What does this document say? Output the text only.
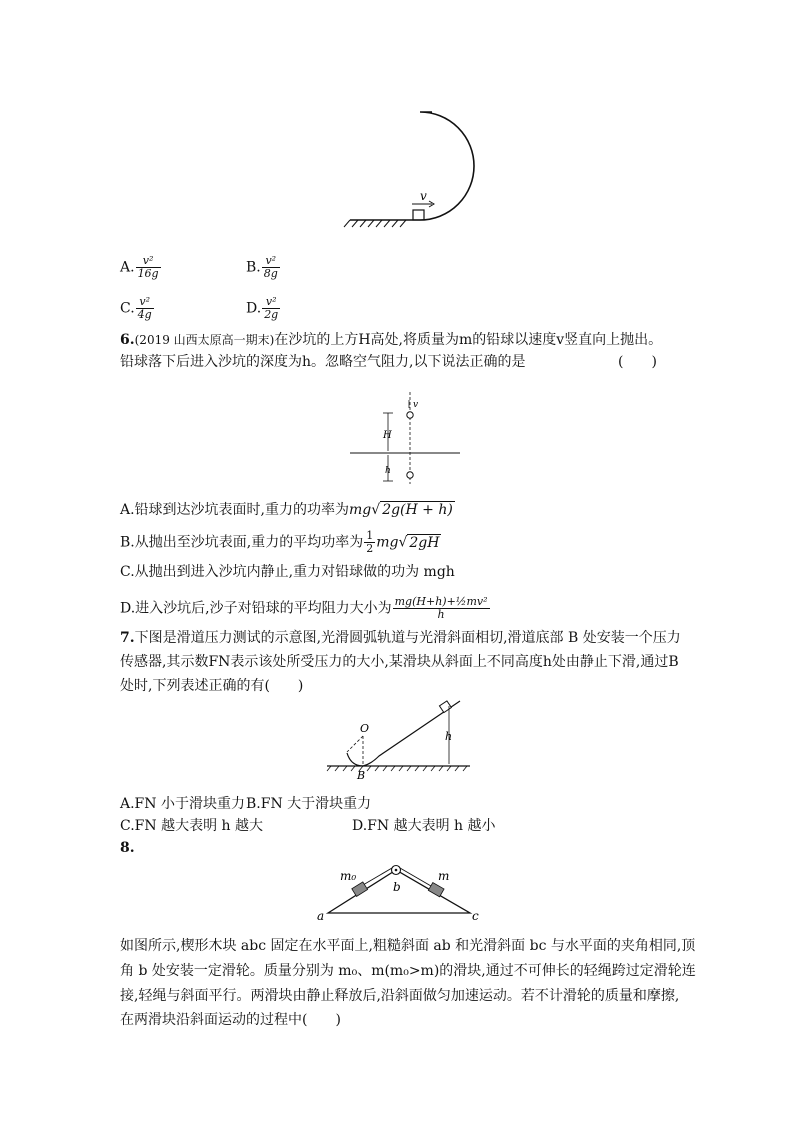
v
A. $\frac{\text{v²}}{16g}$	B. $\frac{\text{v²}}{8g}$
C. $\frac{\text{v²}}{4g}$	D. $\frac{\text{v²}}{2g}$
6.(2019 山西太原高一期末)在沙坑的上方H高处,将质量为m的铅球以速度v竖直向上抛出。
铅球落下后进入沙坑的深度为h。忽略空气阻力,以下说法正确的是	(　　)
v
H
h
A.铅球到达沙坑表面时,重力的功率为mg√ 2g(H + h)
B.从抛出至沙坑表面,重力的平均功率为 $\frac{1}{2} mg√$ 2gH
C.从抛出到进入沙坑内静止,重力对铅球做的功为 mgh
D.进入沙坑后,沙子对铅球的平均阻力大小为 $\frac{\text{mg(H+h)+½mv²}}{h}$
7.下图是滑道压力测试的示意图,光滑圆弧轨道与光滑斜面相切,滑道底部 B 处安装一个压力
传感器,其示数FN表示该处所受压力的大小,某滑块从斜面上不同高度h处由静止下滑,通过B
处时,下列表述正确的有(　　)
O
B
h
A.FN 小于滑块重力 B.FN 大于滑块重力
C.FN 越大表明 h 越大	D.FN 越大表明 h 越小
8.
m₀	m
b
a	c
如图所示,楔形木块 abc 固定在水平面上,粗糙斜面 ab 和光滑斜面 bc 与水平面的夹角相同,顶
角 b 处安装一定滑轮。质量分别为 m₀、m(m₀>m)的滑块,通过不可伸长的轻绳跨过定滑轮连
接,轻绳与斜面平行。两滑块由静止释放后,沿斜面做匀加速运动。若不计滑轮的质量和摩擦,
在两滑块沿斜面运动的过程中(　　)
